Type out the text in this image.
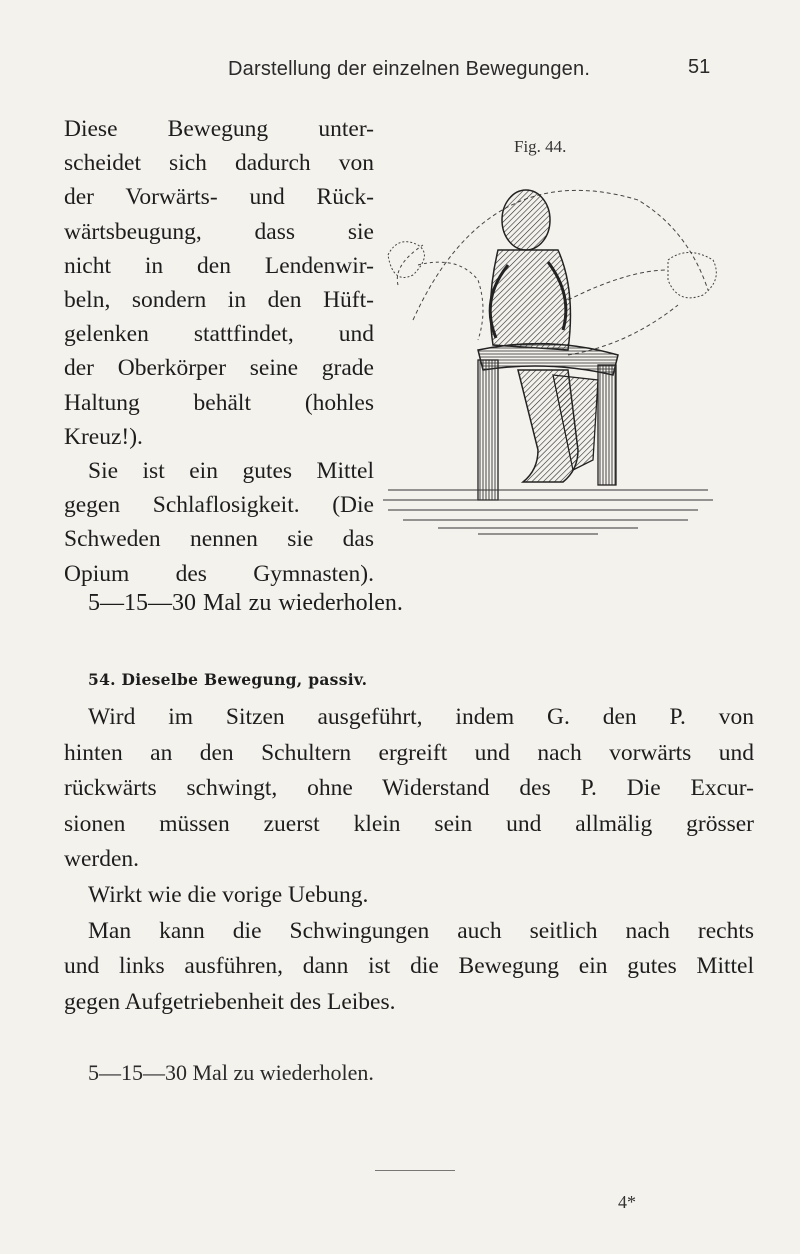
Darstellung der einzelnen Bewegungen.	51
Diese Bewegung unter-
scheidet sich dadurch von
der Vorwärts- und Rück-
wärtsbeugung, dass sie
nicht in den Lendenwir-
beln, sondern in den Hüft-
gelenken stattfindet, und
der Oberkörper seine grade
Haltung behält (hohles
Kreuz!).
Sie ist ein gutes Mittel
gegen Schlaflosigkeit. (Die
Schweden nennen sie das
Opium des Gymnasten).
Fig. 44.
5—15—30 Mal zu wiederholen.
54. Dieselbe Bewegung, passiv.
Wird im Sitzen ausgeführt, indem G. den P. von
hinten an den Schultern ergreift und nach vorwärts und
rückwärts schwingt, ohne Widerstand des P. Die Excur-
sionen müssen zuerst klein sein und allmälig grösser
werden.
Wirkt wie die vorige Uebung.
Man kann die Schwingungen auch seitlich nach rechts
und links ausführen, dann ist die Bewegung ein gutes Mittel
gegen Aufgetriebenheit des Leibes.
5—15—30 Mal zu wiederholen.
4*
